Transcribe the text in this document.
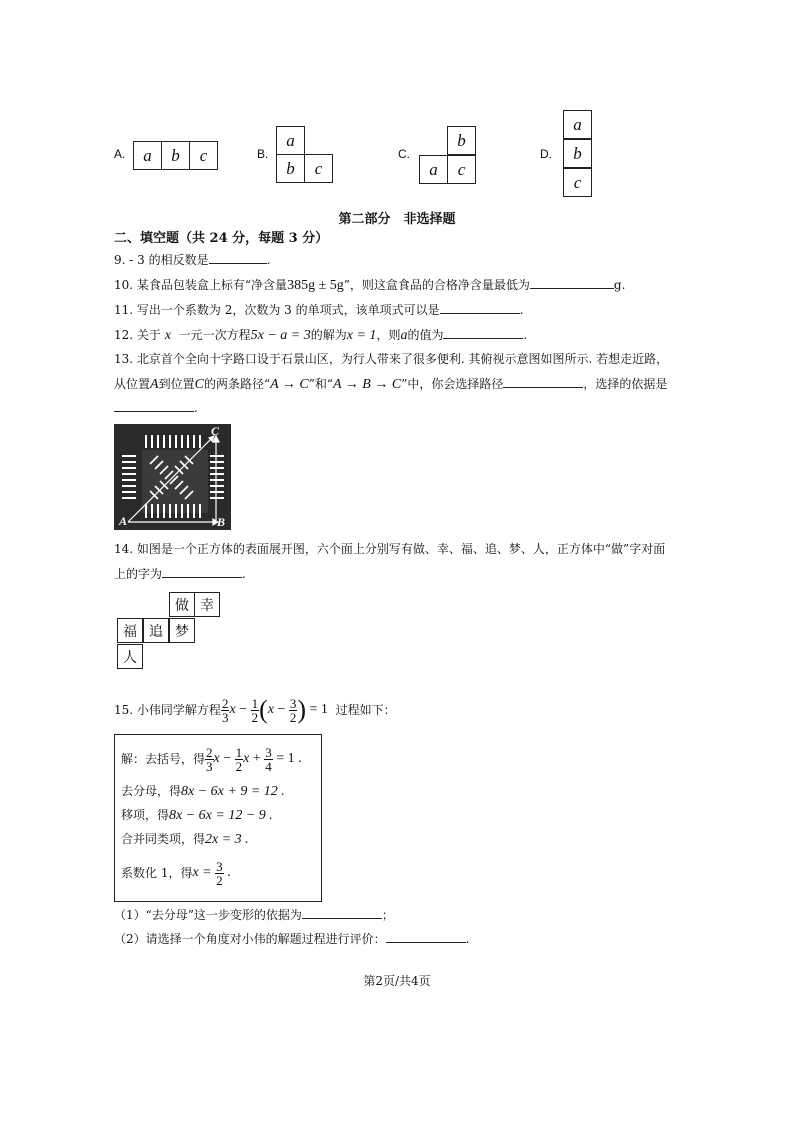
A.	a	b	c	B.
a
b	c
C.
b
a	c
D.
a
b
c
第二部分　非选择题
二、填空题（共 24 分，每题 3 分）
9. - 3 的相反数是	.
10. 某食品包装盒上标有“净含量385g ± 5g”，则这盒食品的合格净含量最低为	g.
11. 写出一个系数为 2，次数为 3 的单项式，该单项式可以是	.
12. 关于 x 一元一次方程5x − a = 3的解为x = 1，则a的值为	.
13. 北京首个全向十字路口设于石景山区，为行人带来了很多便利. 其俯视示意图如图所示. 若想走近路，
从位置A到位置C的两条路径“A → C”和“A → B → C”中，你会选择路径	，选择的依据是
.
C
A	B
14. 如图是一个正方体的表面展开图，六个面上分别写有做、幸、福、追、梦、人，正方体中“做”字对面
上的字为	.
做 幸
福 追 梦
人
15.
小伟同学解方程 $\frac{2}{3}$ $x - \frac{1}{2}$ ( $x - \frac{3}{2}$ ) = 1
过程如下：
解：去括号，得 $\frac{2}{3}$ $x - \frac{1}{2}$ $x + \frac{3}{4} = 1$ .
去分母，得8x − 6x + 9 = 12 .
移项，得8x − 6x = 12 − 9 .
合并同类项，得2x = 3 .
系数化 1，得 $x = \frac{3}{2}$ .
（1）“去分母”这一步变形的依据为	；
（2）请选择一个角度对小伟的解题过程进行评价：	.
第2页/共4页
